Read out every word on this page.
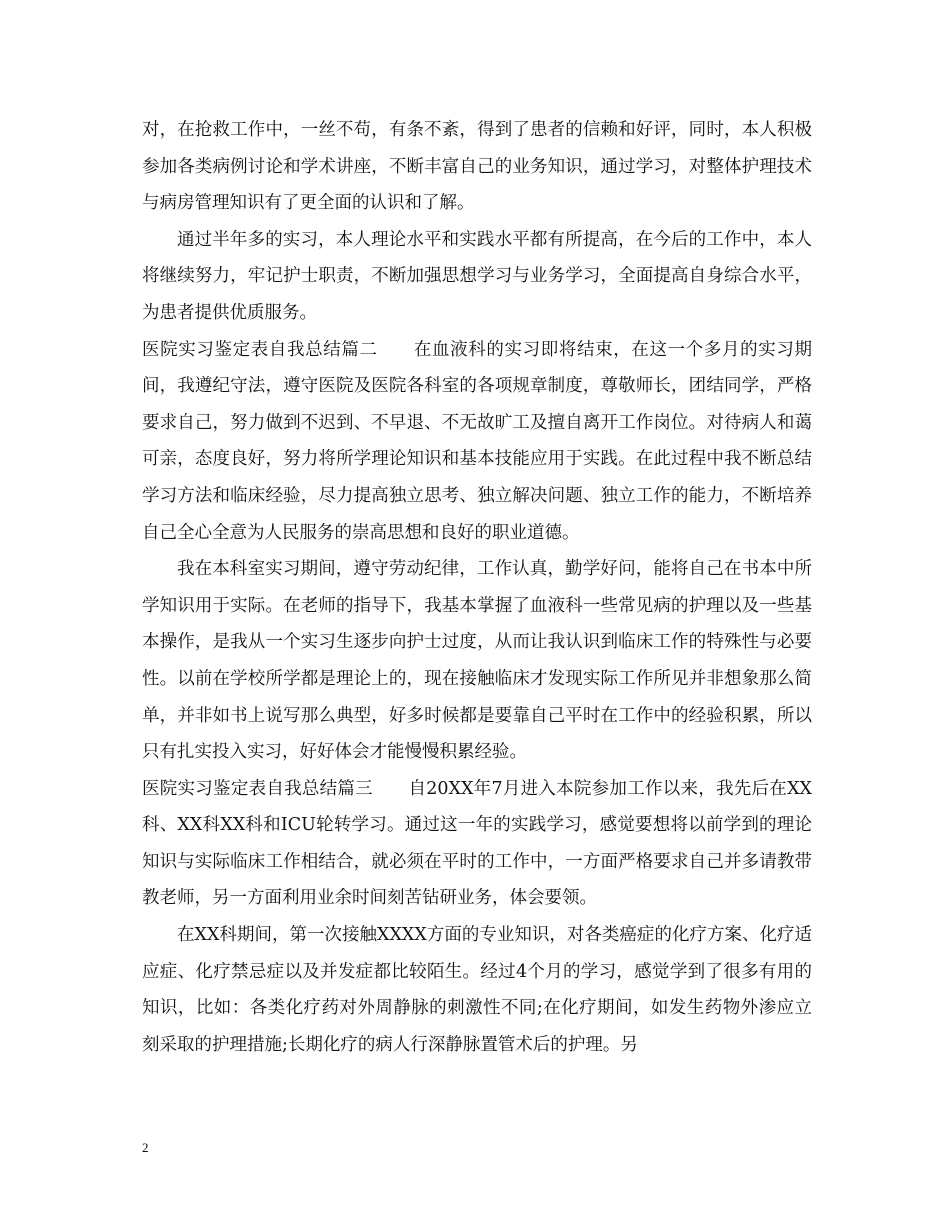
对，在抢救工作中，一丝不苟，有条不紊，得到了患者的信赖和好评，同时，本人积极参加各类病例讨论和学术讲座，不断丰富自己的业务知识，通过学习，对整体护理技术与病房管理知识有了更全面的认识和了解。

通过半年多的实习，本人理论水平和实践水平都有所提高，在今后的工作中，本人将继续努力，牢记护士职责，不断加强思想学习与业务学习，全面提高自身综合水平，为患者提供优质服务。

医院实习鉴定表自我总结篇二　　 在血液科的实习即将结束，在这一个多月的实习期间，我遵纪守法，遵守医院及医院各科室的各项规章制度，尊敬师长，团结同学，严格要求自己，努力做到不迟到、不早退、不无故旷工及擅自离开工作岗位。对待病人和蔼可亲，态度良好，努力将所学理论知识和基本技能应用于实践。在此过程中我不断总结学习方法和临床经验，尽力提高独立思考、独立解决问题、独立工作的能力，不断培养自己全心全意为人民服务的崇高思想和良好的职业道德。

我在本科室实习期间，遵守劳动纪律，工作认真，勤学好问，能将自己在书本中所学知识用于实际。在老师的指导下，我基本掌握了血液科一些常见病的护理以及一些基本操作，是我从一个实习生逐步向护士过度，从而让我认识到临床工作的特殊性与必要性。以前在学校所学都是理论上的，现在接触临床才发现实际工作所见并非想象那么简单，并非如书上说写那么典型，好多时候都是要靠自己平时在工作中的经验积累，所以只有扎实投入实习，好好体会才能慢慢积累经验。

医院实习鉴定表自我总结篇三　　 自20XX年7月进入本院参加工作以来，我先后在XX科、XX科XX科和ICU轮转学习。通过这一年的实践学习，感觉要想将以前学到的理论知识与实际临床工作相结合，就必须在平时的工作中，一方面严格要求自己并多请教带教老师，另一方面利用业余时间刻苦钻研业务，体会要领。

在XX科期间，第一次接触XXXX方面的专业知识，对各类癌症的化疗方案、化疗适应症、化疗禁忌症以及并发症都比较陌生。经过4个月的学习，感觉学到了很多有用的知识，比如：各类化疗药对外周静脉的刺激性不同;在化疗期间，如发生药物外渗应立刻采取的护理措施;长期化疗的病人行深静脉置管术后的护理。另

2
